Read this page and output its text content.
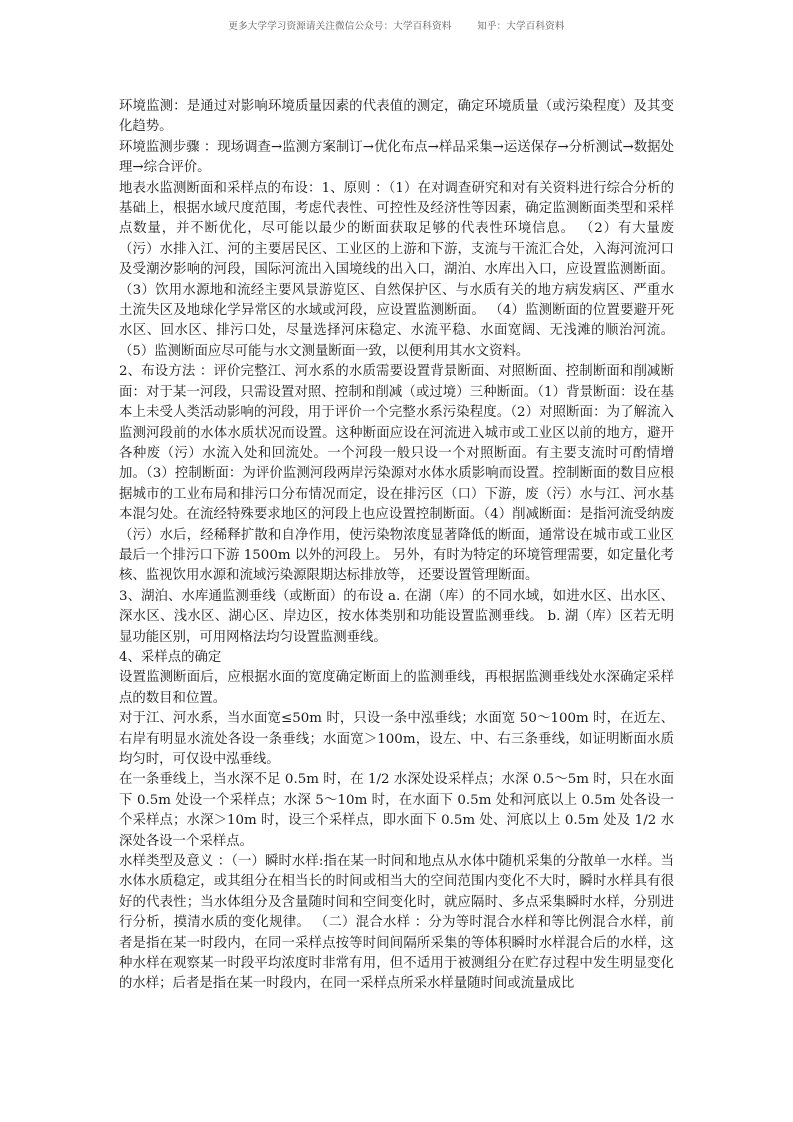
更多大学学习资源请关注微信公众号：大学百科资料        知乎：大学百科资料

环境监测：是通过对影响环境质量因素的代表值的测定，确定环境质量（或污染程度）及其变化趋势。

环境监测步骤 ：现场调查→监测方案制订→优化布点→样品采集→运送保存→分析测试→数据处理→综合评价。

地表水监测断面和采样点的布设：1、原则 ：（1）在对调查研究和对有关资料进行综合分析的基础上，根据水域尺度范围，考虑代表性、可控性及经济性等因素，确定监测断面类型和采样点数量，并不断优化，尽可能以最少的断面获取足够的代表性环境信息。 （2）有大量废（污）水排入江、河的主要居民区、工业区的上游和下游，支流与干流汇合处，入海河流河口及受潮汐影响的河段，国际河流出入国境线的出入口，湖泊、水库出入口，应设置监测断面。 （3）饮用水源地和流经主要风景游览区、自然保护区、与水质有关的地方病发病区、严重水土流失区及地球化学异常区的水域或河段，应设置监测断面。 （4）监测断面的位置要避开死水区、回水区、排污口处，尽量选择河床稳定、水流平稳、水面宽阔、无浅滩的顺治河流。 （5）监测断面应尽可能与水文测量断面一致，以便利用其水文资料。

2、布设方法 ：评价完整江、河水系的水质需要设置背景断面、对照断面、控制断面和削减断面：对于某一河段，只需设置对照、控制和削减（或过境）三种断面。（1）背景断面：设在基本上未受人类活动影响的河段，用于评价一个完整水系污染程度。（2）对照断面：为了解流入监测河段前的水体水质状况而设置。这种断面应设在河流进入城市或工业区以前的地方，避开各种废（污）水流入处和回流处。一个河段一般只设一个对照断面。有主要支流时可酌情增加。（3）控制断面：为评价监测河段两岸污染源对水体水质影响而设置。控制断面的数目应根据城市的工业布局和排污口分布情况而定，设在排污区（口）下游，废（污）水与江、河水基本混匀处。在流经特殊要求地区的河段上也应设置控制断面。（4）削减断面：是指河流受纳废（污）水后，经稀释扩散和自净作用，使污染物浓度显著降低的断面，通常设在城市或工业区最后一个排污口下游 1500m 以外的河段上。 另外，有时为特定的环境管理需要，如定量化考核、监视饮用水源和流域污染源限期达标排放等， 还要设置管理断面。

3、湖泊、水库通监测垂线（或断面）的布设 a. 在湖（库）的不同水域，如进水区、出水区、深水区、浅水区、湖心区、岸边区，按水体类别和功能设置监测垂线。 b. 湖（库）区若无明显功能区别，可用网格法均匀设置监测垂线。

4、采样点的确定

设置监测断面后，应根据水面的宽度确定断面上的监测垂线，再根据监测垂线处水深确定采样点的数目和位置。

对于江、河水系，当水面宽≤50m 时，只设一条中泓垂线；水面宽 50～100m 时，在近左、右岸有明显水流处各设一条垂线；水面宽＞100m，设左、中、右三条垂线，如证明断面水质均匀时，可仅设中泓垂线。

在一条垂线上，当水深不足 0.5m 时，在 1/2 水深处设采样点；水深 0.5～5m 时，只在水面下 0.5m 处设一个采样点；水深 5～10m 时，在水面下 0.5m 处和河底以上 0.5m 处各设一个采样点；水深＞10m 时，设三个采样点，即水面下 0.5m 处、河底以上 0.5m 处及 1/2 水深处各设一个采样点。

水样类型及意义 ：（一）瞬时水样:指在某一时间和地点从水体中随机采集的分散单一水样。当水体水质稳定，或其组分在相当长的时间或相当大的空间范围内变化不大时，瞬时水样具有很好的代表性；当水体组分及含量随时间和空间变化时，就应隔时、多点采集瞬时水样，分别进行分析，摸清水质的变化规律。 （二）混合水样 ：分为等时混合水样和等比例混合水样，前者是指在某一时段内，在同一采样点按等时间间隔所采集的等体积瞬时水样混合后的水样，这种水样在观察某一时段平均浓度时非常有用，但不适用于被测组分在贮存过程中发生明显变化的水样；后者是指在某一时段内，在同一采样点所采水样量随时间或流量成比
